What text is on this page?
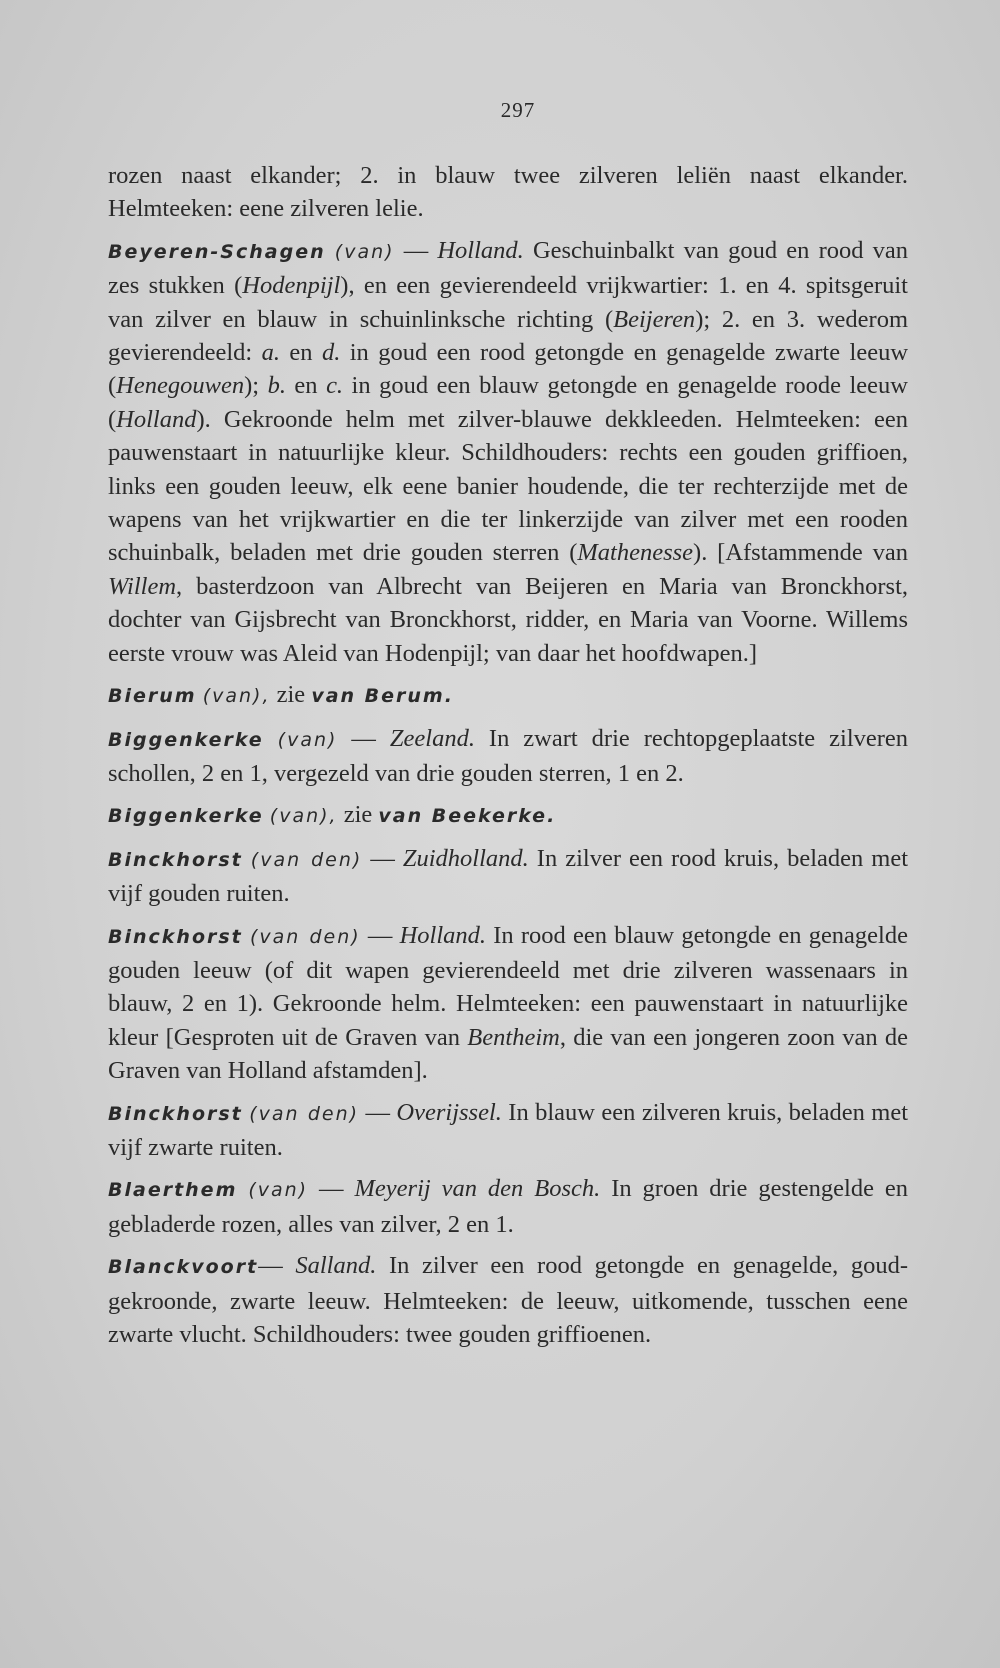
297

rozen naast elkander; 2. in blauw twee zilveren leliën naast elkander. Helmteeken: eene zilveren lelie.

Beyeren-Schagen (van) — Holland. Geschuinbalkt van goud en rood van zes stukken (Hodenpijl), en een gevierendeeld vrijkwartier: 1. en 4. spitsgeruit van zilver en blauw in schuinlinksche richting (Beijeren); 2. en 3. wederom gevierendeeld: a. en d. in goud een rood getongde en genagelde zwarte leeuw (Henegouwen); b. en c. in goud een blauw getongde en genagelde roode leeuw (Holland). Gekroonde helm met zilver-blauwe dekkleeden. Helmteeken: een pauwenstaart in natuurlijke kleur. Schildhouders: rechts een gouden griffioen, links een gouden leeuw, elk eene banier houdende, die ter rechterzijde met de wapens van het vrijkwartier en die ter linkerzijde van zilver met een rooden schuinbalk, beladen met drie gouden sterren (Mathenesse). [Afstammende van Willem, basterdzoon van Albrecht van Beijeren en Maria van Bronckhorst, dochter van Gijsbrecht van Bronckhorst, ridder, en Maria van Voorne. Willems eerste vrouw was Aleid van Hodenpijl; van daar het hoofdwapen.]

Bierum (van), zie van Berum.

Biggenkerke (van) — Zeeland. In zwart drie rechtopgeplaatste zilveren schollen, 2 en 1, vergezeld van drie gouden sterren, 1 en 2.

Biggenkerke (van), zie van Beekerke.

Binckhorst (van den) — Zuidholland. In zilver een rood kruis, beladen met vijf gouden ruiten.

Binckhorst (van den) — Holland. In rood een blauw getongde en genagelde gouden leeuw (of dit wapen gevierendeeld met drie zilveren wassenaars in blauw, 2 en 1). Gekroonde helm. Helmteeken: een pauwenstaart in natuurlijke kleur [Gesproten uit de Graven van Bentheim, die van een jongeren zoon van de Graven van Holland afstamden].

Binckhorst (van den) — Overijssel. In blauw een zilveren kruis, beladen met vijf zwarte ruiten.

Blaerthem (van) — Meyerij van den Bosch. In groen drie gestengelde en gebladerde rozen, alles van zilver, 2 en 1.

Blanckvoort— Salland. In zilver een rood getongde en genagelde, goud-gekroonde, zwarte leeuw. Helmteeken: de leeuw, uitkomende, tusschen eene zwarte vlucht. Schildhouders: twee gouden griffioenen.
